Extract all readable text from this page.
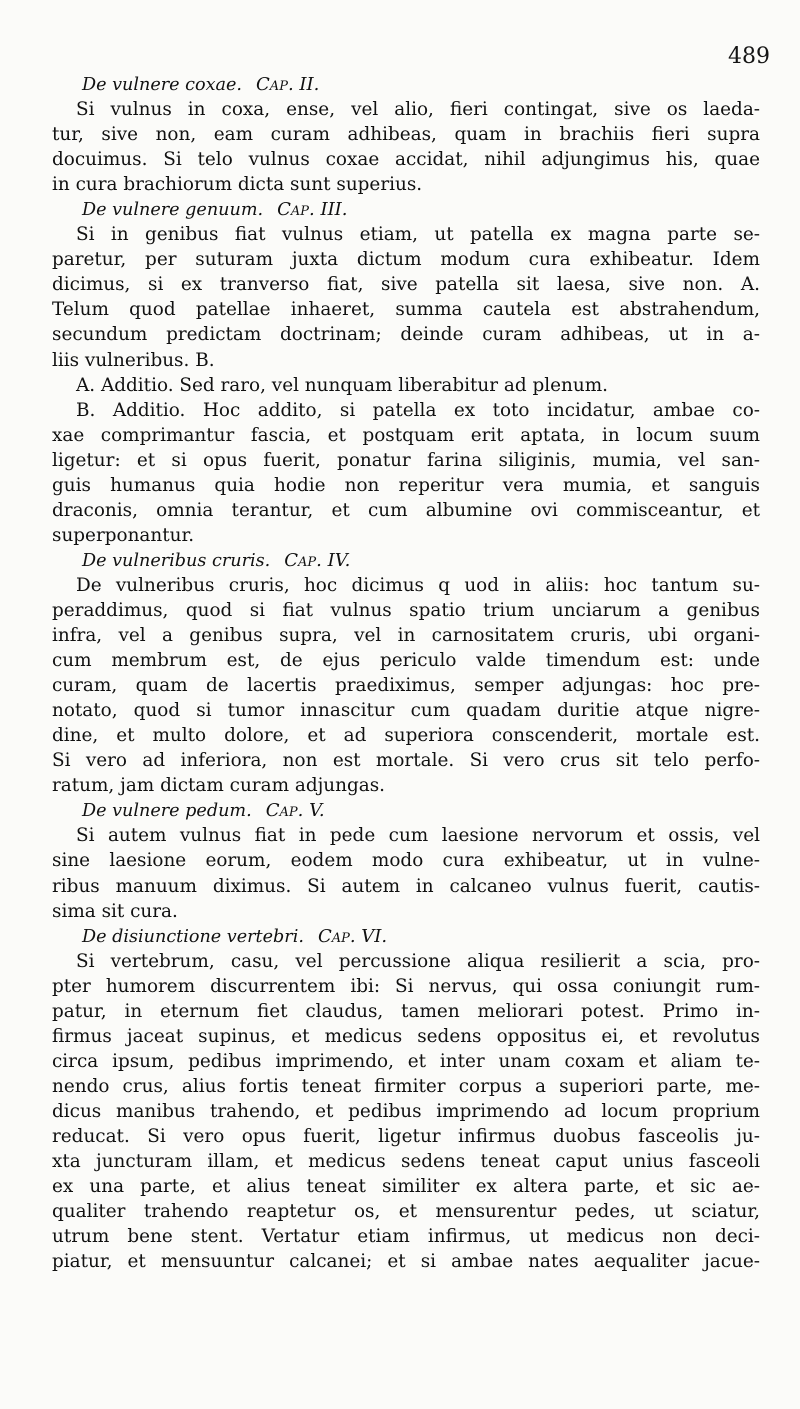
489
De vulnere coxae. Cap. II.
Si vulnus in coxa, ense, vel alio, fieri contingat, sive os laeda-
tur, sive non, eam curam adhibeas, quam in brachiis fieri supra
docuimus. Si telo vulnus coxae accidat, nihil adjungimus his, quae
in cura brachiorum dicta sunt superius.
De vulnere genuum. Cap. III.
Si in genibus fiat vulnus etiam, ut patella ex magna parte se-
paretur, per suturam juxta dictum modum cura exhibeatur. Idem
dicimus, si ex tranverso fiat, sive patella sit laesa, sive non. A.
Telum quod patellae inhaeret, summa cautela est abstrahendum,
secundum predictam doctrinam; deinde curam adhibeas, ut in a-
liis vulneribus. B.
A. Additio. Sed raro, vel nunquam liberabitur ad plenum.
B. Additio. Hoc addito, si patella ex toto incidatur, ambae co-
xae comprimantur fascia, et postquam erit aptata, in locum suum
ligetur: et si opus fuerit, ponatur farina siliginis, mumia, vel san-
guis humanus quia hodie non reperitur vera mumia, et sanguis
draconis, omnia terantur, et cum albumine ovi commisceantur, et
superponantur.
De vulneribus cruris. Cap. IV.
De vulneribus cruris, hoc dicimus q uod in aliis: hoc tantum su-
peraddimus, quod si fiat vulnus spatio trium unciarum a genibus
infra, vel a genibus supra, vel in carnositatem cruris, ubi organi-
cum membrum est, de ejus periculo valde timendum est: unde
curam, quam de lacertis praediximus, semper adjungas: hoc pre-
notato, quod si tumor innascitur cum quadam duritie atque nigre-
dine, et multo dolore, et ad superiora conscenderit, mortale est.
Si vero ad inferiora, non est mortale. Si vero crus sit telo perfo-
ratum, jam dictam curam adjungas.
De vulnere pedum. Cap. V.
Si autem vulnus fiat in pede cum laesione nervorum et ossis, vel
sine laesione eorum, eodem modo cura exhibeatur, ut in vulne-
ribus manuum diximus. Si autem in calcaneo vulnus fuerit, cautis-
sima sit cura.
De disiunctione vertebri. Cap. VI.
Si vertebrum, casu, vel percussione aliqua resilierit a scia, pro-
pter humorem discurrentem ibi: Si nervus, qui ossa coniungit rum-
patur, in eternum fiet claudus, tamen meliorari potest. Primo in-
firmus jaceat supinus, et medicus sedens oppositus ei, et revolutus
circa ipsum, pedibus imprimendo, et inter unam coxam et aliam te-
nendo crus, alius fortis teneat firmiter corpus a superiori parte, me-
dicus manibus trahendo, et pedibus imprimendo ad locum proprium
reducat. Si vero opus fuerit, ligetur infirmus duobus fasceolis ju-
xta juncturam illam, et medicus sedens teneat caput unius fasceoli
ex una parte, et alius teneat similiter ex altera parte, et sic ae-
qualiter trahendo reaptetur os, et mensurentur pedes, ut sciatur,
utrum bene stent. Vertatur etiam infirmus, ut medicus non deci-
piatur, et mensuuntur calcanei; et si ambae nates aequaliter jacue-
